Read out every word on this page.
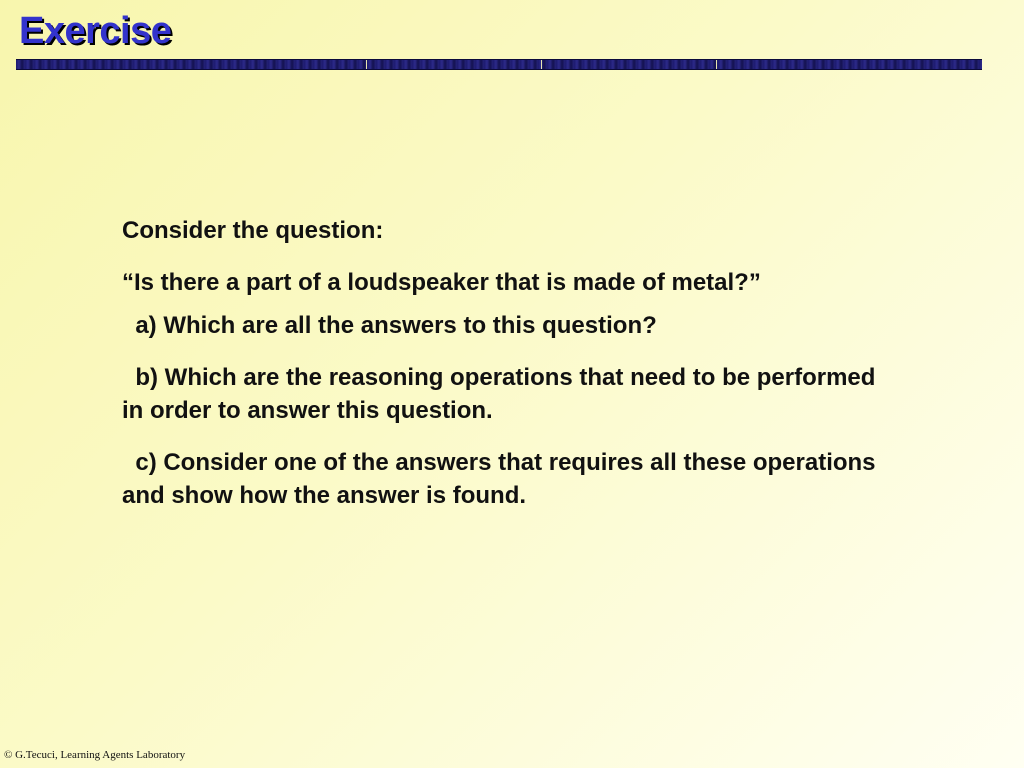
Exercise

Consider the question:

“Is there a part of a loudspeaker that is made of metal?”

a) Which are all the answers to this question?

b) Which are the reasoning operations that need to be performed in order to answer this question.

c) Consider one of the answers that requires all these operations and show how the answer is found.

© G.Tecuci, Learning Agents Laboratory
